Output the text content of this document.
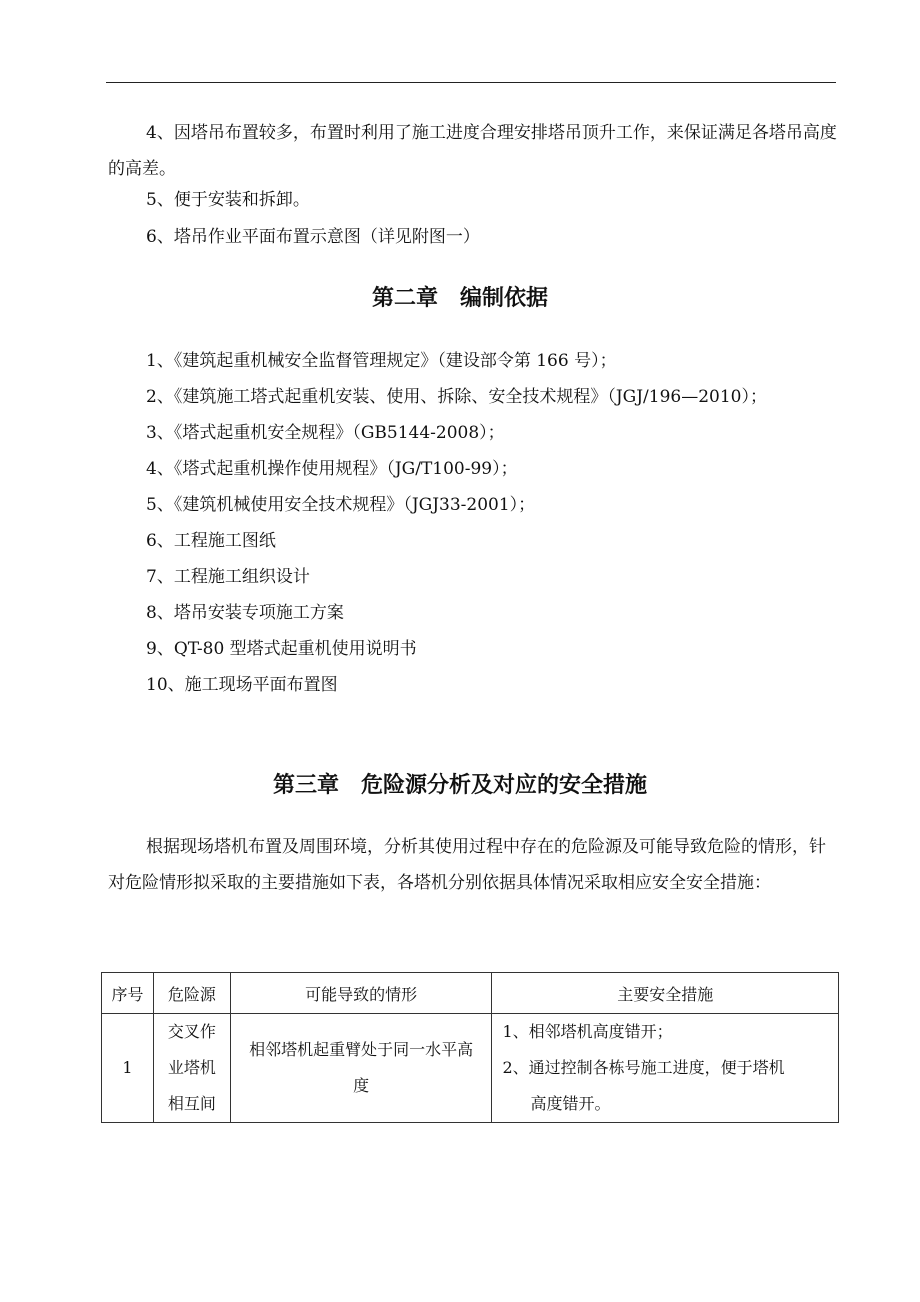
4、因塔吊布置较多，布置时利用了施工进度合理安排塔吊顶升工作，来保证满足各塔吊高度的高差。

5、便于安装和拆卸。

6、塔吊作业平面布置示意图（详见附图一）

第二章　编制依据

1、《建筑起重机械安全监督管理规定》（建设部令第 166 号）；

2、《建筑施工塔式起重机安装、使用、拆除、安全技术规程》（JGJ/196—2010）；

3、《塔式起重机安全规程》（GB5144-2008）；

4、《塔式起重机操作使用规程》（JG/T100-99）；

5、《建筑机械使用安全技术规程》（JGJ33-2001）；

6、工程施工图纸

7、工程施工组织设计

8、塔吊安装专项施工方案

9、QT-80 型塔式起重机使用说明书

10、施工现场平面布置图

第三章　危险源分析及对应的安全措施

根据现场塔机布置及周围环境，分析其使用过程中存在的危险源及可能导致危险的情形，针对危险情形拟采取的主要措施如下表，各塔机分别依据具体情况采取相应安全安全措施：

序号	危险源	可能导致的情形	主要安全措施
1	交叉作业塔机相互间	相邻塔机起重臂处于同一水平高度	1、相邻塔机高度错开；
2、通过控制各栋号施工进度，便于塔机
高度错开。
